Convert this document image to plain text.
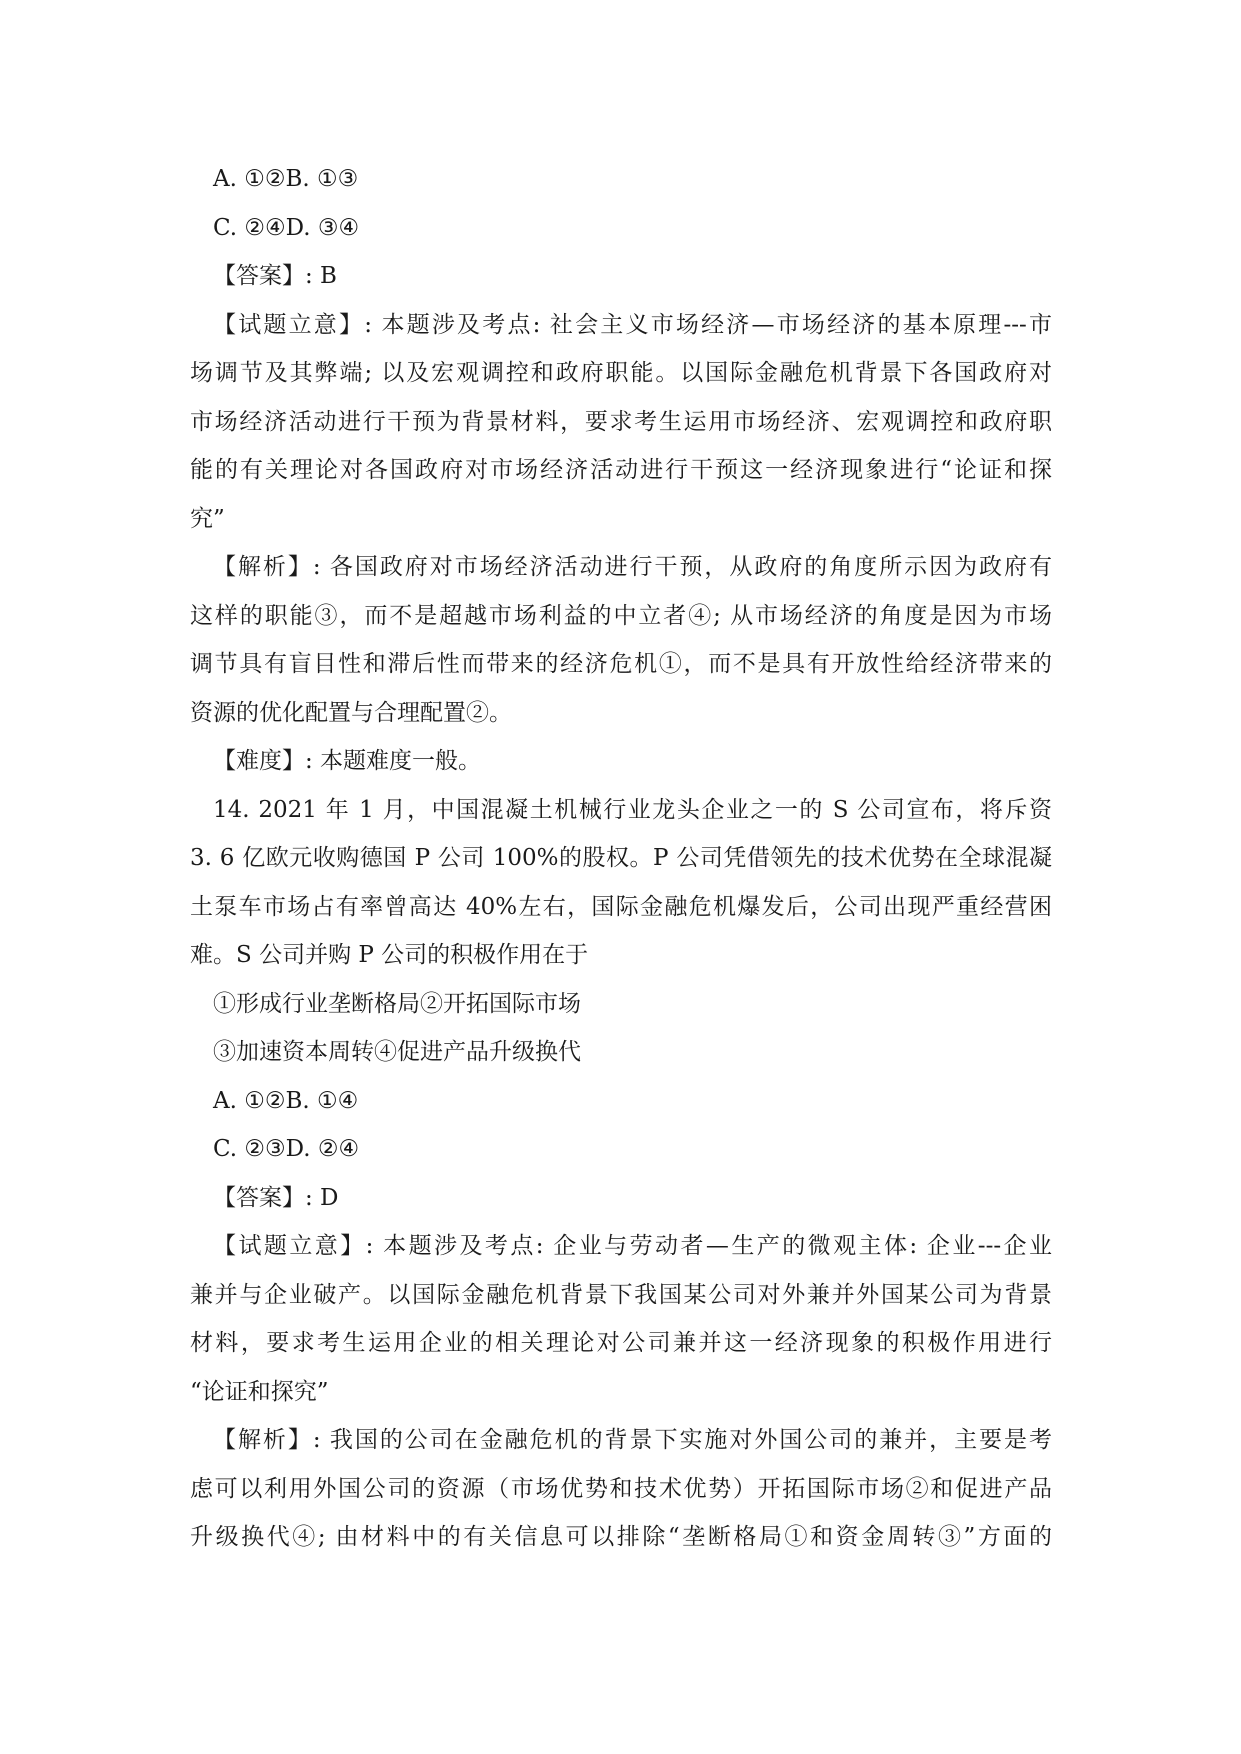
A. ①②B. ①③

C. ②④D. ③④

【答案】: B

【试题立意】: 本题涉及考点: 社会主义市场经济—市场经济的基本原理---市

场调节及其弊端; 以及宏观调控和政府职能。以国际金融危机背景下各国政府对

市场经济活动进行干预为背景材料，要求考生运用市场经济、宏观调控和政府职

能的有关理论对各国政府对市场经济活动进行干预这一经济现象进行“论证和探

究”

【解析】: 各国政府对市场经济活动进行干预，从政府的角度所示因为政府有

这样的职能③，而不是超越市场利益的中立者④; 从市场经济的角度是因为市场

调节具有盲目性和滞后性而带来的经济危机①，而不是具有开放性给经济带来的

资源的优化配置与合理配置②。

【难度】: 本题难度一般。

14. 2021 年 1 月，中国混凝土机械行业龙头企业之一的 S 公司宣布，将斥资

3. 6 亿欧元收购德国 P 公司 100%的股权。P 公司凭借领先的技术优势在全球混凝

土泵车市场占有率曾高达 40%左右，国际金融危机爆发后，公司出现严重经营困

难。S 公司并购 P 公司的积极作用在于

①形成行业垄断格局②开拓国际市场

③加速资本周转④促进产品升级换代

A. ①②B. ①④

C. ②③D. ②④

【答案】: D

【试题立意】: 本题涉及考点: 企业与劳动者—生产的微观主体: 企业---企业

兼并与企业破产。以国际金融危机背景下我国某公司对外兼并外国某公司为背景

材料，要求考生运用企业的相关理论对公司兼并这一经济现象的积极作用进行

“论证和探究”

【解析】: 我国的公司在金融危机的背景下实施对外国公司的兼并，主要是考

虑可以利用外国公司的资源（市场优势和技术优势）开拓国际市场②和促进产品

升级换代④; 由材料中的有关信息可以排除“垄断格局①和资金周转③”方面的
